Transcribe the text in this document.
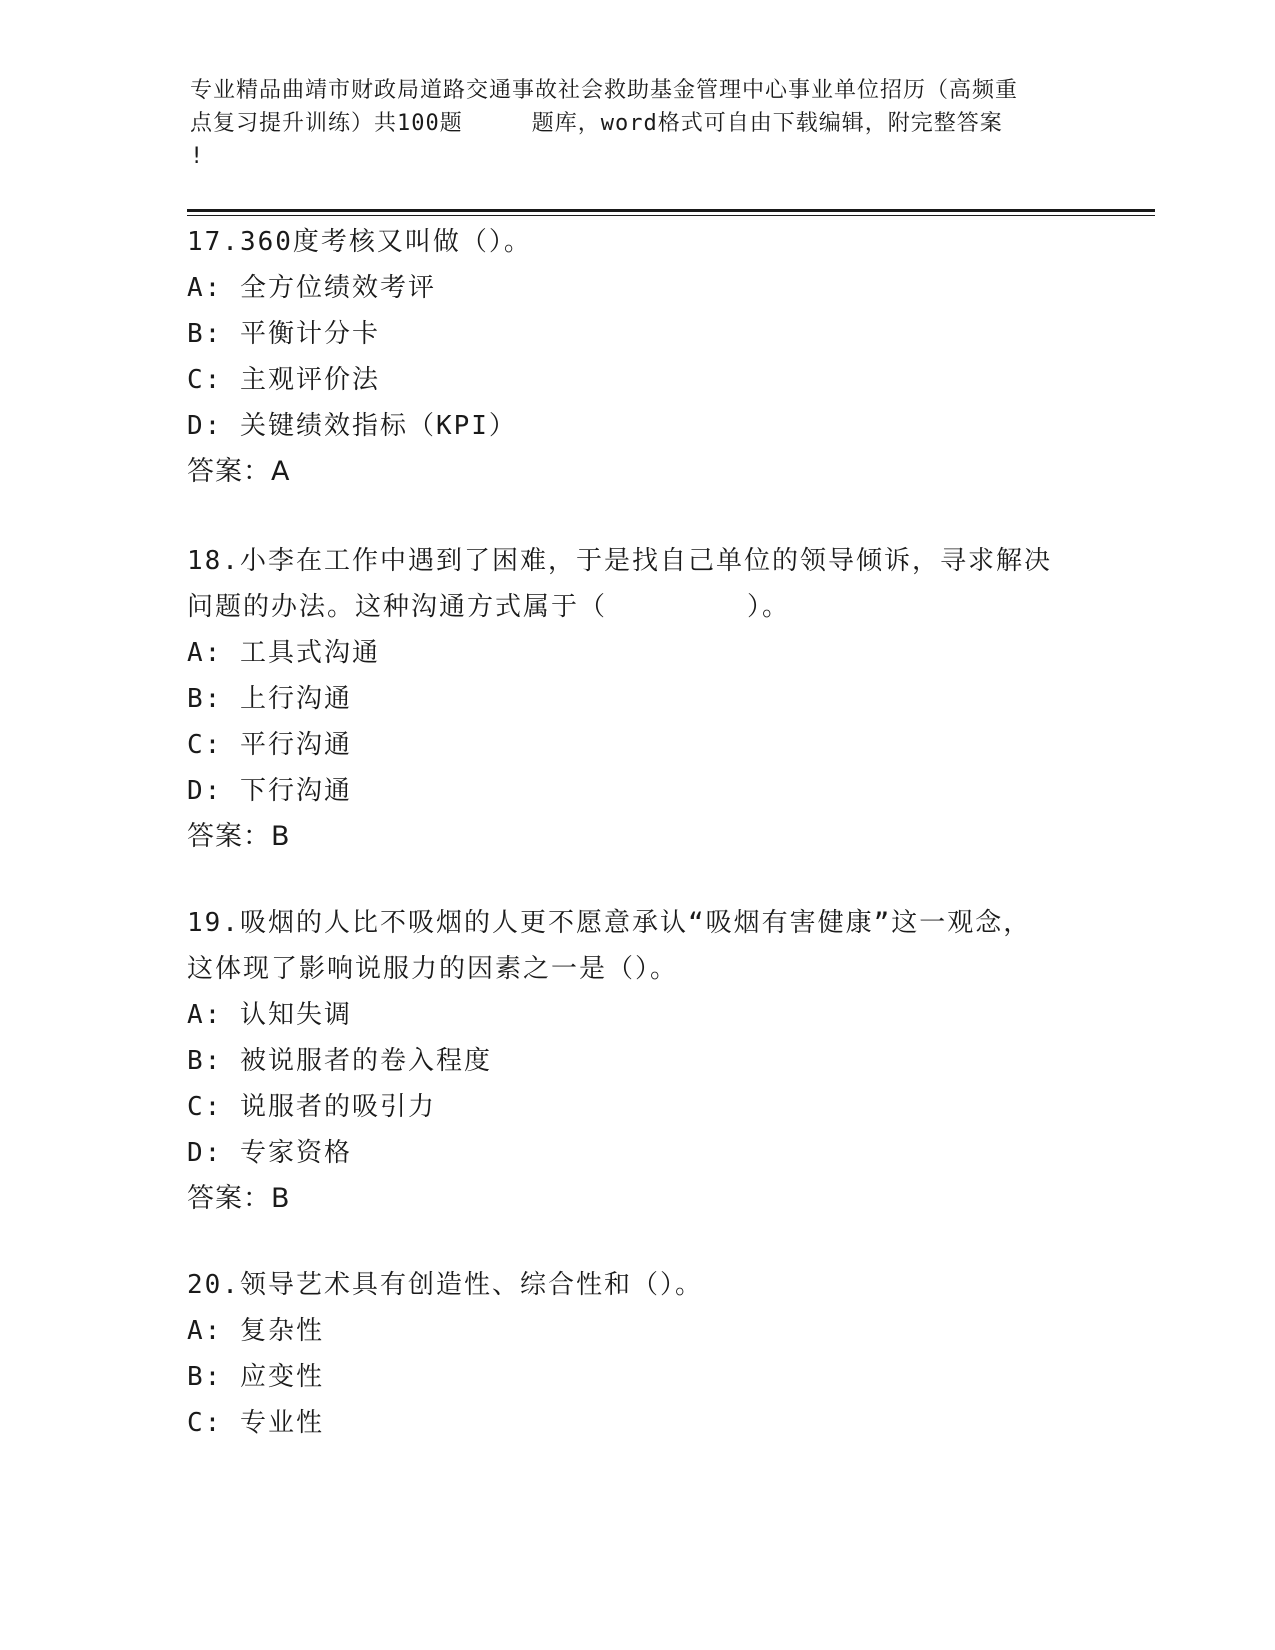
专业精品曲靖市财政局道路交通事故社会救助基金管理中心事业单位招历（高频重
点复习提升训练）共100题　　　题库，word格式可自由下载编辑，附完整答案
!
17.360度考核又叫做（）。
A: 全方位绩效考评
B: 平衡计分卡
C: 主观评价法
D: 关键绩效指标（KPI）
答案：A
18.小李在工作中遇到了困难，于是找自己单位的领导倾诉，寻求解决
问题的办法。这种沟通方式属于（　　　　　）。
A: 工具式沟通
B: 上行沟通
C: 平行沟通
D: 下行沟通
答案：B
19.吸烟的人比不吸烟的人更不愿意承认“吸烟有害健康”这一观念，
这体现了影响说服力的因素之一是（）。
A: 认知失调
B: 被说服者的卷入程度
C: 说服者的吸引力
D: 专家资格
答案：B
20.领导艺术具有创造性、综合性和（）。
A: 复杂性
B: 应变性
C: 专业性
